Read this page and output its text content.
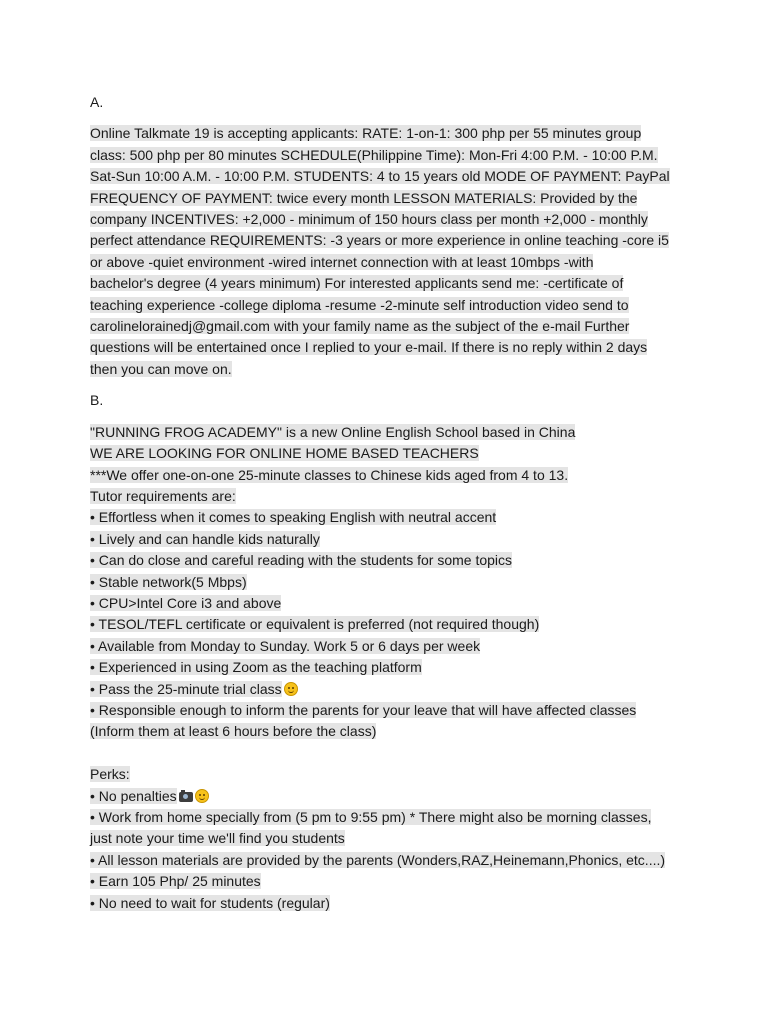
A.
Online Talkmate 19 is accepting applicants: RATE: 1-on-1: 300 php per 55 minutes group
class: 500 php per 80 minutes SCHEDULE(Philippine Time): Mon-Fri 4:00 P.M. - 10:00 P.M.
Sat-Sun 10:00 A.M. - 10:00 P.M. STUDENTS: 4 to 15 years old MODE OF PAYMENT: PayPal
FREQUENCY OF PAYMENT: twice every month LESSON MATERIALS: Provided by the
company INCENTIVES: +2,000 - minimum of 150 hours class per month +2,000 - monthly
perfect attendance REQUIREMENTS: -3 years or more experience in online teaching -core i5
or above -quiet environment -wired internet connection with at least 10mbps -with
bachelor's degree (4 years minimum) For interested applicants send me: -certificate of
teaching experience -college diploma -resume -2-minute self introduction video send to
carolinelorainedj@gmail.com with your family name as the subject of the e-mail Further
questions will be entertained once I replied to your e-mail. If there is no reply within 2 days
then you can move on.
B.
"RUNNING FROG ACADEMY" is a new Online English School based in China
WE ARE LOOKING FOR ONLINE HOME BASED TEACHERS
***We offer one-on-one 25-minute classes to Chinese kids aged from 4 to 13.
Tutor requirements are:
• Effortless when it comes to speaking English with neutral accent
• Lively and can handle kids naturally
• Can do close and careful reading with the students for some topics
• Stable network(5 Mbps)
• CPU>Intel Core i3 and above
• TESOL/TEFL certificate or equivalent is preferred (not required though)
• Available from Monday to Sunday. Work 5 or 6 days per week
• Experienced in using Zoom as the teaching platform
• Pass the 25-minute trial class
• Responsible enough to inform the parents for your leave that will have affected classes
(Inform them at least 6 hours before the class)
Perks:
• No penalties
• Work from home specially from (5 pm to 9:55 pm) * There might also be morning classes,
just note your time we'll find you students
• All lesson materials are provided by the parents (Wonders,RAZ,Heinemann,Phonics, etc....)
• Earn 105 Php/ 25 minutes
• No need to wait for students (regular)
